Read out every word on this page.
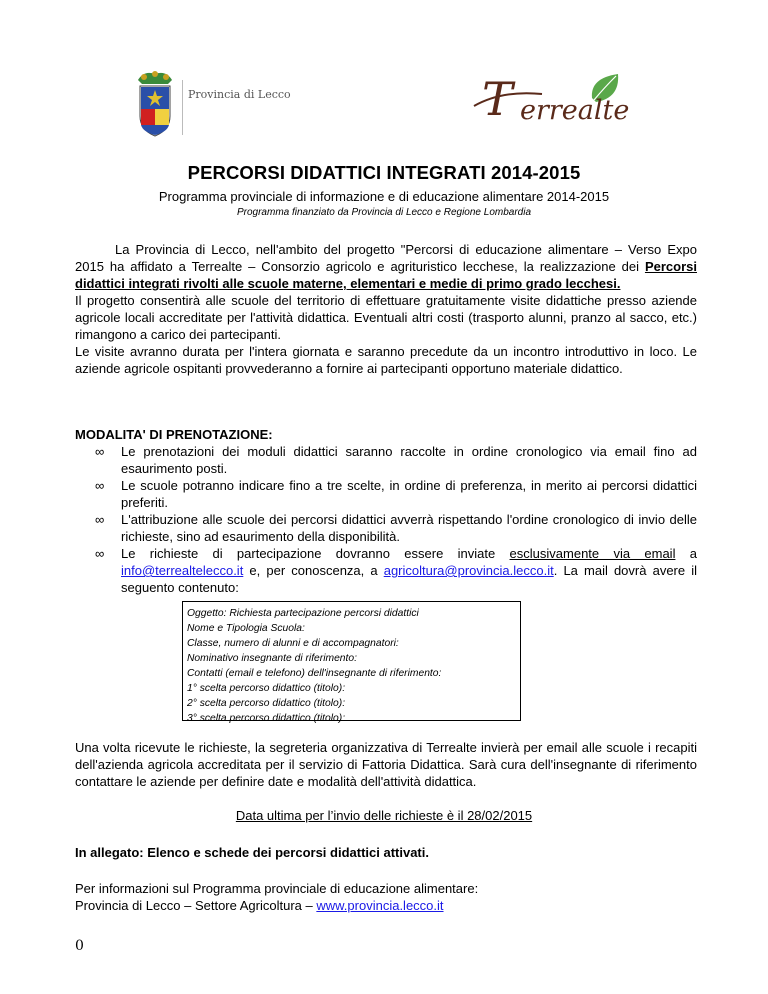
Provincia di Lecco	T errealte
PERCORSI DIDATTICI INTEGRATI 2014-2015
Programma provinciale di informazione e di educazione alimentare 2014-2015
Programma finanziato da Provincia di Lecco e Regione Lombardia

La Provincia di Lecco, nell'ambito del progetto "Percorsi di educazione alimentare – Verso Expo 2015 ha affidato a Terrealte – Consorzio agricolo e agrituristico lecchese, la realizzazione dei Percorsi didattici integrati rivolti alle scuole materne, elementari e medie di primo grado lecchesi.

Il progetto consentirà alle scuole del territorio di effettuare gratuitamente visite didattiche presso aziende agricole locali accreditate per l'attività didattica. Eventuali altri costi (trasporto alunni, pranzo al sacco, etc.) rimangono a carico dei partecipanti.

Le visite avranno durata per l'intera giornata e saranno precedute da un incontro introduttivo in loco. Le aziende agricole ospitanti provvederanno a fornire ai partecipanti opportuno materiale didattico.

MODALITA' DI PRENOTAZIONE:
∞	Le prenotazioni dei moduli didattici saranno raccolte in ordine cronologico via email fino ad esaurimento posti.
∞	Le scuole potranno indicare fino a tre scelte, in ordine di preferenza, in merito ai percorsi didattici preferiti.
∞	L'attribuzione alle scuole dei percorsi didattici avverrà rispettando l'ordine cronologico di invio delle richieste, sino ad esaurimento della disponibilità.
∞	Le richieste di partecipazione dovranno essere inviate esclusivamente via email a info@terrealtelecco.it e, per conoscenza, a agricoltura@provincia.lecco.it. La mail dovrà avere il seguento contenuto:
Oggetto: Richiesta partecipazione percorsi didattici
Nome e Tipologia Scuola:
Classe, numero di alunni e di accompagnatori:
Nominativo insegnante di riferimento:
Contatti (email e telefono) dell'insegnante di riferimento:
1° scelta percorso didattico (titolo):
2° scelta percorso didattico (titolo):
3° scelta percorso didattico (titolo):
Una volta ricevute le richieste, la segreteria organizzativa di Terrealte invierà per email alle scuole i recapiti dell'azienda agricola accreditata per il servizio di Fattoria Didattica. Sarà cura dell'insegnante di riferimento contattare le aziende per definire date e modalità dell'attività didattica.
Data ultima per l’invio delle richieste è il 28/02/2015
In allegato: Elenco e schede dei percorsi didattici attivati.
Per informazioni sul Programma provinciale di educazione alimentare:
Provincia di Lecco – Settore Agricoltura – www.provincia.lecco.it
0
